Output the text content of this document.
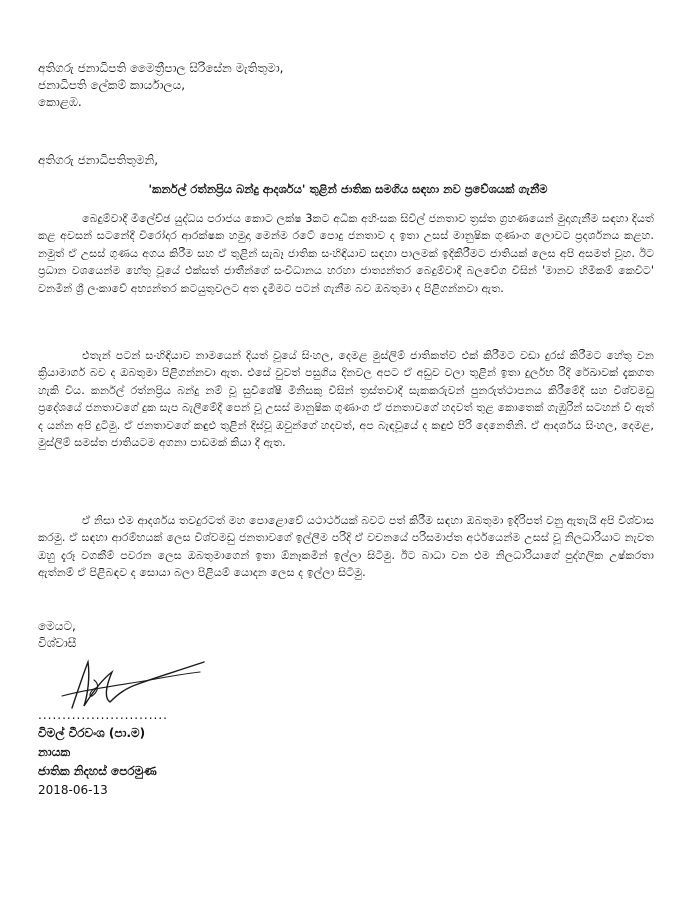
අතිගරු ජනාධිපති මෛත්‍රීපාල සිරිසේන මැතිතුමා,
ජනාධිපති ලේකම් කාර්යාලය,
කොළඹ.
අතිගරු ජනාධිපතිතුමනි,
'කර්නල් රත්නප්‍රිය බන්දු ආදර්ශය' තුළින් ජාතික සමගිය සඳහා නව ප්‍රවේශයක් ගැනීම

බෙදුම්වාදී මිලේච්ඡ යුද්ධය පරාජය කොට ලක්ෂ 3කට අධික අහිංසක සිවිල් ජනතාව ත්‍රස්ත ග්‍රහණයෙන් මුදාගැනීම සඳහා දියත් කළ අවසන් සටනේදී විරෝදාර ආරක්ෂක හමුදා මෙන්ම රටේ පොදු ජනතාව ද ඉතා උසස් මානුෂික ගුණාංග ලොවට ප්‍රදර්ශනය කළහ. නමුත් ඒ උසස් ගුණය අගය කිරීම සහ ඒ තුළින් සැබෑ ජාතික සංහිඳියාව සඳහා පාලමක් ඉදිකිරීමට ජාතියක් ලෙස අපි අසමත් වූහ. ඊට ප්‍රධාන වශයෙන්ම හේතු වූයේ එක්සත් ජාතීන්ගේ සංවිධානය හරහා ජාත්‍යන්තර බෙදුම්වාදී බලවේග විසින් 'මානව හිමිකම් කෙවිට' වනමින් ශ්‍රී ලංකාවේ අභ්‍යන්තර කටයුතුවලට අත දැමීමට පටන් ගැනීම බව ඔබතුමා ද පිළිගන්නවා ඇත.

එතැන් පටන් සංහිඳියාව නාමයෙන් දියත් වූයේ සිංහල, දෙමළ මුස්ලිම් ජාතිකත්ව එක් කිරීමට වඩා දුරස් කිරීමට හේතු වන ක්‍රියාමාර්ග බව ද ඔබතුමා පිළිගන්නවා ඇත. එසේ වුවත් පසුගිය දිනවල අපට ඒ අඩුව වලා තුළින් ඉතා දුර්ලභ රිදී රේඛාවක් දැකගත හැකි විය. කර්නල් රත්නප්‍රිය බන්දු නම් වූ සුවිශේෂී මිනිසකු විසින් ත්‍රස්තවාදී සැකකරුවන් පුනරුත්ථාපනය කිරීමේදී සහ විශ්වමඩු ප්‍රදේශයේ ජනතාවගේ දුක සැප බැලීමේදී පෙන් වූ උසස් මානුෂික ගුණාංග ඒ ජනතාවගේ හදවත් තුළ කොතෙක් ගැඹුරින් සටහන් වී ඇත් ද යන්න අපි දුටිමු. ඒ ජනතාවගේ කඳුළු තුළින් දිස්වූ ඔවුන්ගේ හදවත්, අප බැඳවූයේ ද කඳුළු පිරි දෙනෙතිනි. ඒ ආදර්ශය සිංහල, දෙමළ, මුස්ලිම් සමස්ත ජාතියටම අගනා පාඩමක් කියා දී ඇත.

ඒ නිසා එම ආදර්ශය තවදුරටත් මහ පොළොවේ යථාර්ථයක් බවට පත් කිරීම සඳහා ඔබතුමා ඉදිරිපත් වනු ඇතැයි අපි විශ්වාස කරමු. ඒ සඳහා ආරම්භයක් ලෙස විශ්වමඩු ජනතාවගේ ඉල්ලීම පරිදි ඒ වචනයේ පරිසමාප්ත අර්ථයෙන්ම උසස් වූ නිලධාරියාට නැවත ඔහු දැරූ වගකීම් පවරන ලෙස ඔබතුමාගෙන් ඉතා ඕනෑකමින් ඉල්ලා සිටිමු. ඊට බාධා වන එම නිලධාරියාගේ පුද්ගලික උෂ්කරතා ඇත්නම් ඒ පිළිබඳව ද සොයා බලා පිළියම් යොදන ලෙස ද ඉල්ලා සිටිමු.

මෙයට,
විශ්වාසී
...........................
විමල් වීරවංශ (පා.ම)
නායක
ජාතික නිදහස් පෙරමුණ
2018-06-13
